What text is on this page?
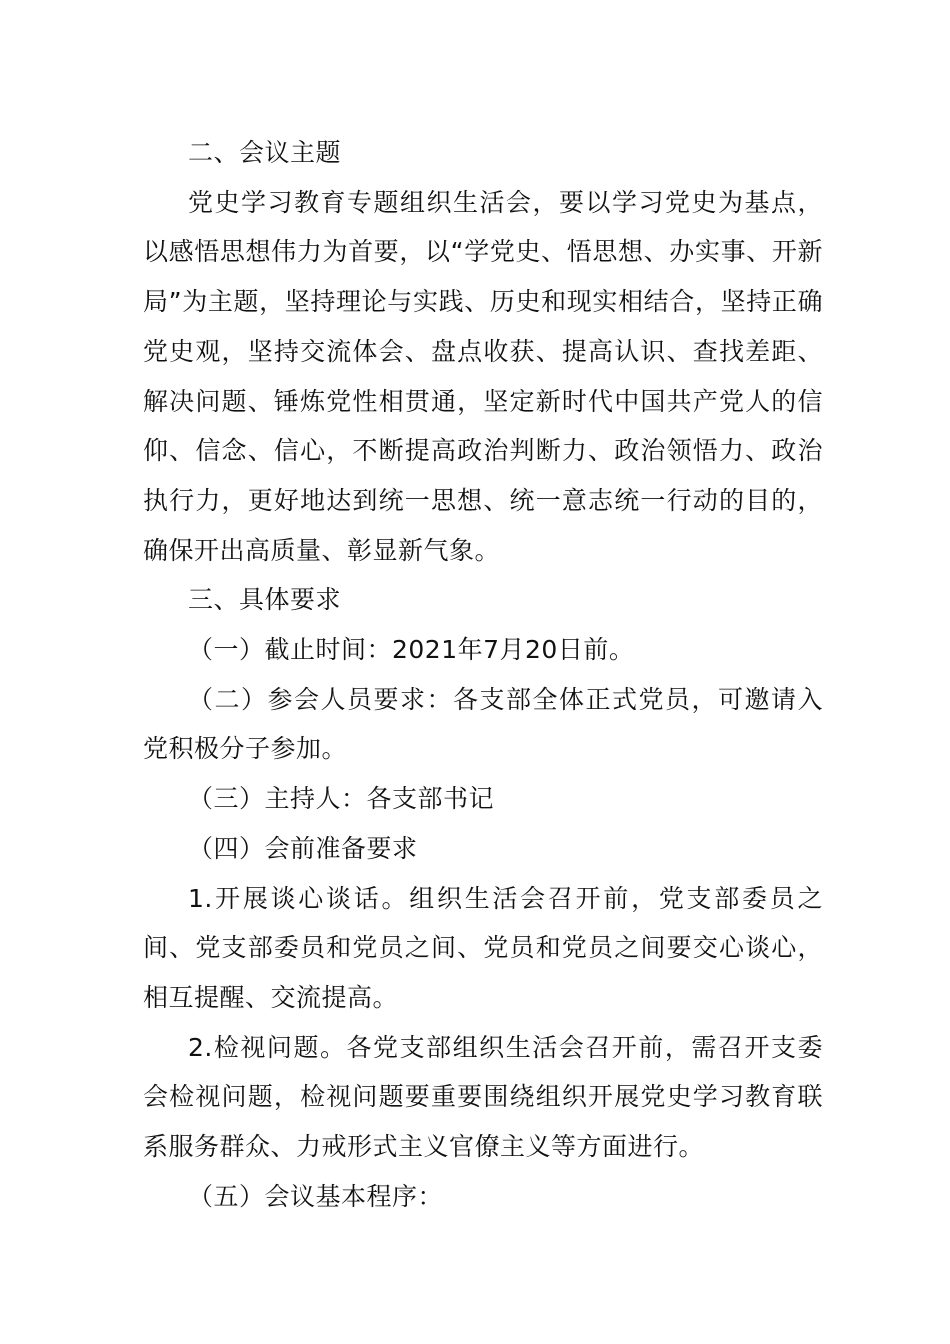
二、会议主题

党史学习教育专题组织生活会，要以学习党史为基点，以感悟思想伟力为首要，以“学党史、悟思想、办实事、开新局”为主题，坚持理论与实践、历史和现实相结合，坚持正确党史观，坚持交流体会、盘点收获、提高认识、查找差距、解决问题、锤炼党性相贯通，坚定新时代中国共产党人的信仰、信念、信心，不断提高政治判断力、政治领悟力、政治执行力，更好地达到统一思想、统一意志统一行动的目的，确保开出高质量、彰显新气象。

三、具体要求

（一）截止时间：2021年7月20日前。

（二）参会人员要求：各支部全体正式党员，可邀请入党积极分子参加。

（三）主持人：各支部书记

（四）会前准备要求

1.开展谈心谈话。组织生活会召开前，党支部委员之间、党支部委员和党员之间、党员和党员之间要交心谈心，相互提醒、交流提高。

2.检视问题。各党支部组织生活会召开前，需召开支委会检视问题，检视问题要重要围绕组织开展党史学习教育联系服务群众、力戒形式主义官僚主义等方面进行。

（五）会议基本程序：
